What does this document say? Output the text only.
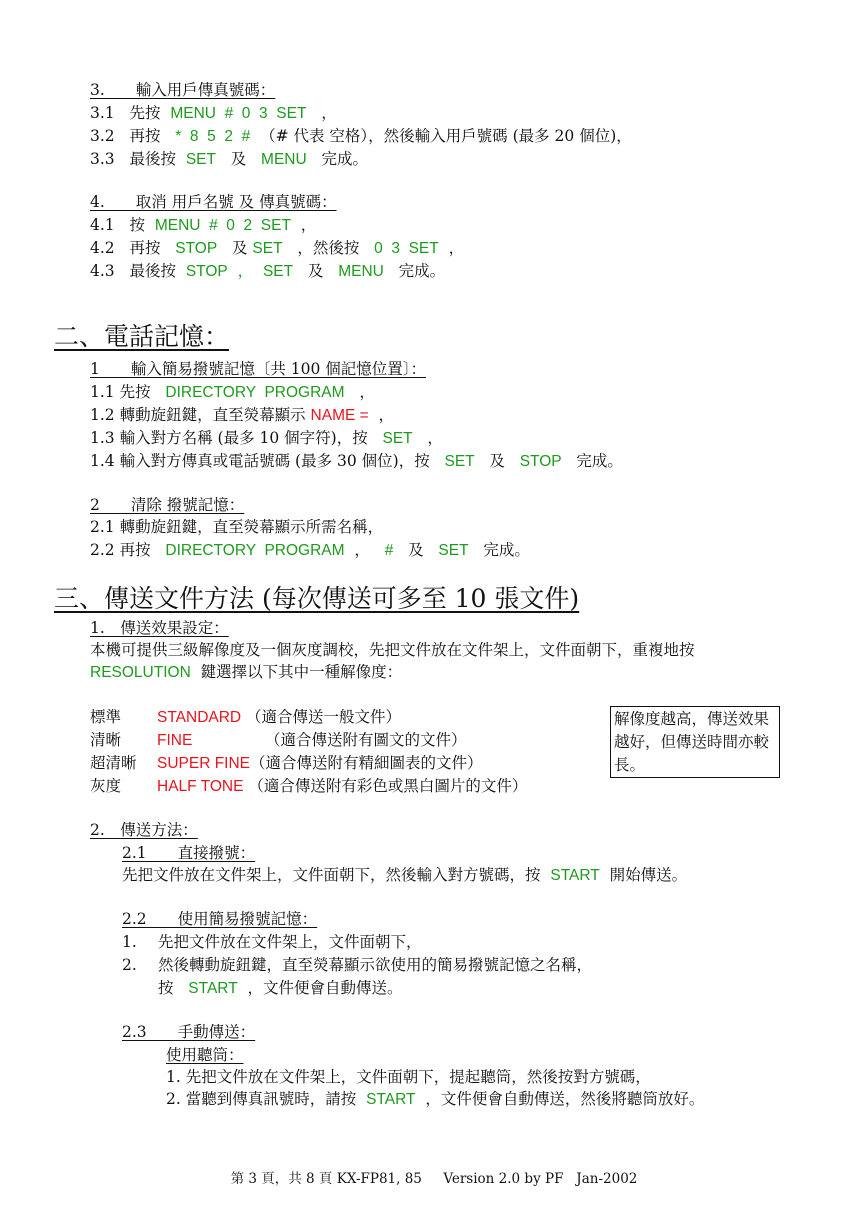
3.　　輸入用戶傳真號碼：
3.1 先按 MENU  #  0  3  SET ，
3.2 再按 *  8  5  2  # （# 代表 空格），然後輸入用戶號碼 (最多 20 個位)，
3.3 最後按 SET 及 MENU 完成。
4.　　取消 用戶名號 及 傳真號碼：
4.1 按 MENU  #  0  2  SET ，
4.2 再按 STOP 及 SET ，然後按 0  3  SET ，
4.3 最後按 STOP ， SET 及 MENU 完成。
二、電話記憶：
1　　輸入簡易撥號記憶〔共 100 個記憶位置〕：
1.1 先按 DIRECTORY  PROGRAM ，
1.2 轉動旋鈕鍵，直至熒幕顯示 NAME = ，
1.3 輸入對方名稱 (最多 10 個字符)，按 SET ，
1.4 輸入對方傳真或電話號碼 (最多 30 個位)，按 SET 及 STOP 完成。
2　　清除 撥號記憶：
2.1 轉動旋鈕鍵，直至熒幕顯示所需名稱，
2.2 再按 DIRECTORY  PROGRAM ， # 及 SET 完成。
三、傳送文件方法 (每次傳送可多至 10 張文件)
1.　傳送效果設定：
本機可提供三級解像度及一個灰度調校，先把文件放在文件架上，文件面朝下，重複地按
RESOLUTION 鍵選擇以下其中一種解像度：
標準 STANDARD （適合傳送一般文件）
清晰 FINE	（適合傳送附有圖文的文件）
超清晰 SUPER FINE（適合傳送附有精細圖表的文件）
灰度 HALF TONE （適合傳送附有彩色或黑白圖片的文件）
解像度越高，傳送效果越好，但傳送時間亦較長。
2.　傳送方法：
2.1　　直接撥號：
先把文件放在文件架上，文件面朝下，然後輸入對方號碼，按 START 開始傳送。
2.2　　使用簡易撥號記憶：
1. 先把文件放在文件架上，文件面朝下，
2. 然後轉動旋鈕鍵，直至熒幕顯示欲使用的簡易撥號記憶之名稱，
按 START ，文件便會自動傳送。
2.3　　手動傳送：
使用聽筒：
1. 先把文件放在文件架上，文件面朝下，提起聽筒，然後按對方號碼，
2. 當聽到傳真訊號時，請按 START ，文件便會自動傳送，然後將聽筒放好。
第 3 頁，共 8 頁 KX-FP81, 85     Version 2.0 by PF   Jan-2002
